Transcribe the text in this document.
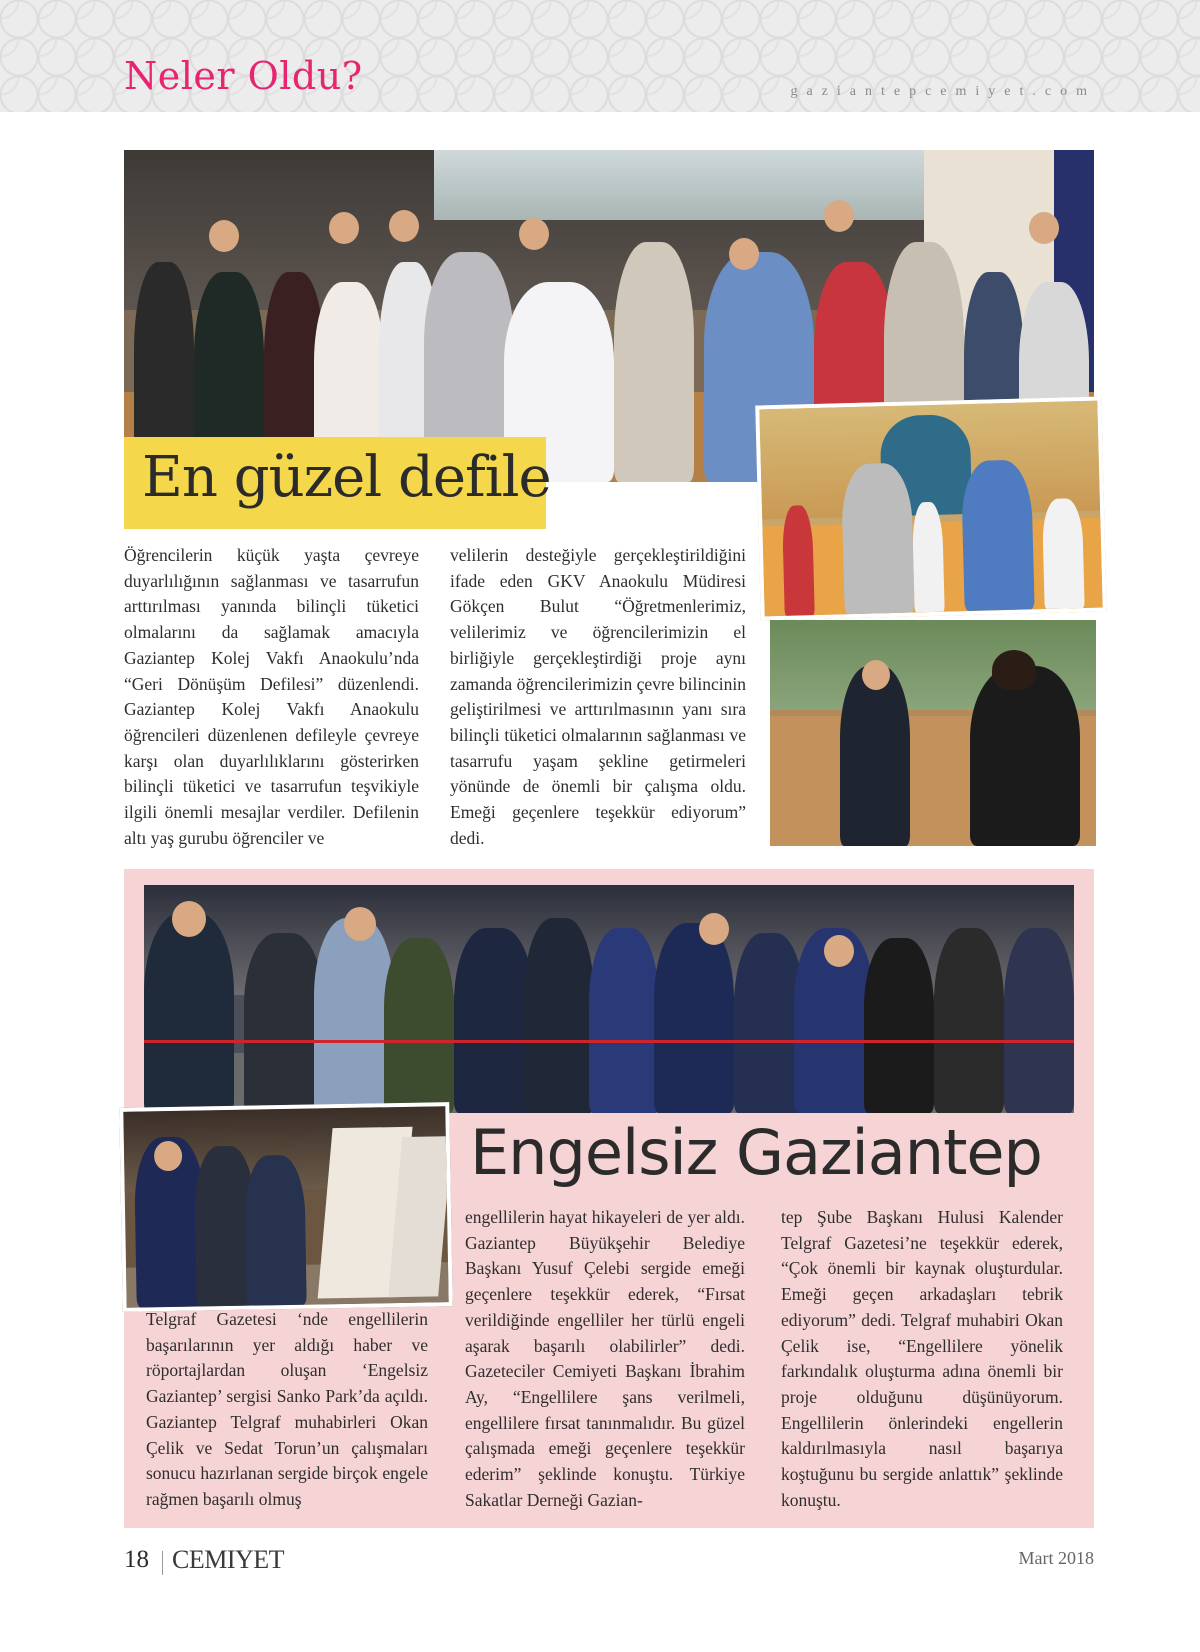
Neler Oldu?	gaziantepcemiyet.com
En güzel defile

Öğrencilerin küçük yaşta çevreye duyarlılığının sağlanması ve tasarrufun arttırılması yanında bilinçli tüketici olmalarını da sağlamak amacıyla Gaziantep Kolej Vakfı Anaokulu’nda “Geri Dönüşüm Defilesi” düzenlendi. Gaziantep Kolej Vakfı Anaokulu öğrencileri düzenlenen defileyle çevreye karşı olan duyarlılıklarını gösterirken bilinçli tüketici ve tasarrufun teşvikiyle ilgili önemli mesajlar verdiler. Defilenin altı yaş gurubu öğrenciler ve

velilerin desteğiyle gerçekleştirildiğini ifade eden GKV Anaokulu Müdiresi Gökçen Bulut “Öğretmenlerimiz, velilerimiz ve öğrencilerimizin el birliğiyle gerçekleştirdiği proje aynı zamanda öğrencilerimizin çevre bilincinin geliştirilmesi ve arttırılmasının yanı sıra bilinçli tüketici olmalarının sağlanması ve tasarrufu yaşam şekline getirmeleri yönünde de önemli bir çalışma oldu. Emeği geçenlere teşekkür ediyorum” dedi.

Engelsiz Gaziantep

Telgraf Gazetesi ‘nde engellilerin başarılarının yer aldığı haber ve röportajlardan oluşan ‘Engelsiz Gaziantep’ sergisi Sanko Park’da açıldı. Gaziantep Telgraf muhabirleri Okan Çelik ve Sedat Torun’un çalışmaları sonucu hazırlanan sergide birçok engele rağmen başarılı olmuş

engellilerin hayat hikayeleri de yer aldı. Gaziantep Büyükşehir Belediye Başkanı Yusuf Çelebi sergide emeği geçenlere teşekkür ederek, “Fırsat verildiğinde engelliler her türlü engeli aşarak başarılı olabilirler” dedi. Gazeteciler Cemiyeti Başkanı İbrahim Ay, “Engellilere şans verilmeli, engellilere fırsat tanınmalıdır. Bu güzel çalışmada emeği geçenlere teşekkür ederim” şeklinde konuştu. Türkiye Sakatlar Derneği Gazian-

tep Şube Başkanı Hulusi Kalender Telgraf Gazetesi’ne teşekkür ederek, “Çok önemli bir kaynak oluşturdular. Emeği geçen arkadaşları tebrik ediyorum” dedi. Telgraf muhabiri Okan Çelik ise, “Engellilere yönelik farkındalık oluşturma adına önemli bir proje olduğunu düşünüyorum. Engellilerin önlerindeki engellerin kaldırılmasıyla nasıl başarıya koştuğunu bu sergide anlattık” şeklinde konuştu.

18 CEMIYET	Mart 2018
